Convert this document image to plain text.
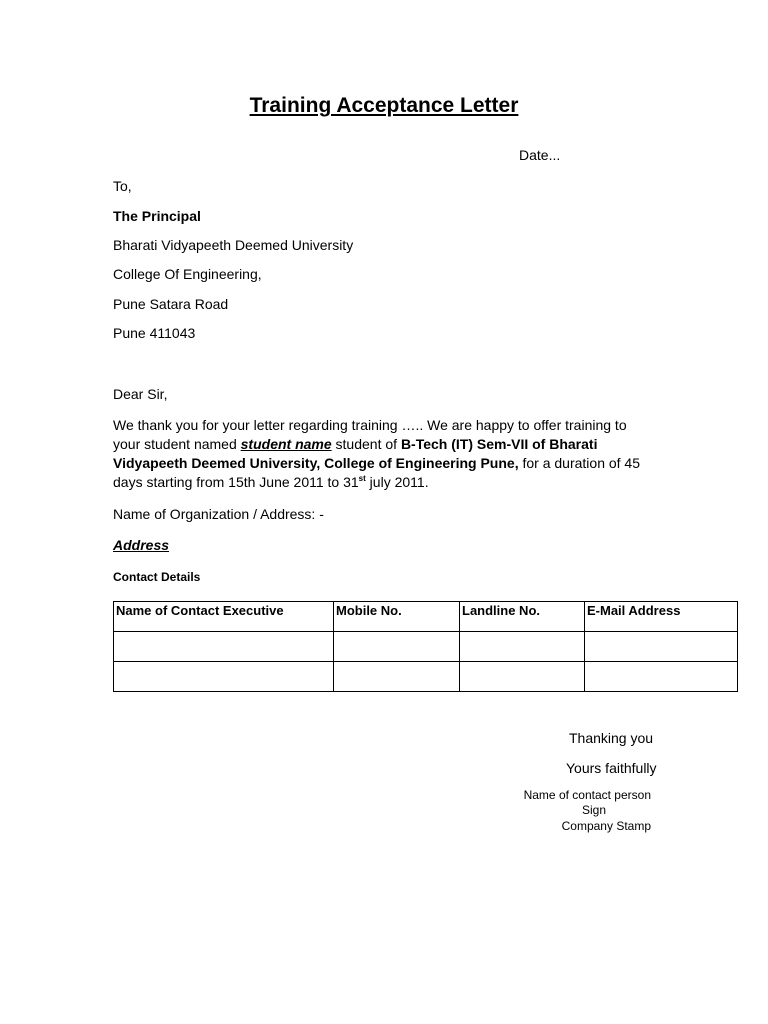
Training Acceptance Letter
Date...
To,
The Principal
Bharati Vidyapeeth Deemed University
College Of Engineering,
Pune Satara Road
Pune 411043
Dear Sir,
We thank you for your letter regarding training ….. We are happy to offer training to your student named student name student of B-Tech (IT) Sem-VII of Bharati Vidyapeeth Deemed University, College of Engineering Pune, for a duration of 45 days starting from 15th June 2011 to 31st july 2011.
Name of Organization / Address: -
Address
Contact Details
Name of Contact Executive	Mobile No.	Landline No.	E-Mail Address

Thanking you
Yours faithfully
Name of contact person
Sign
Company Stamp
